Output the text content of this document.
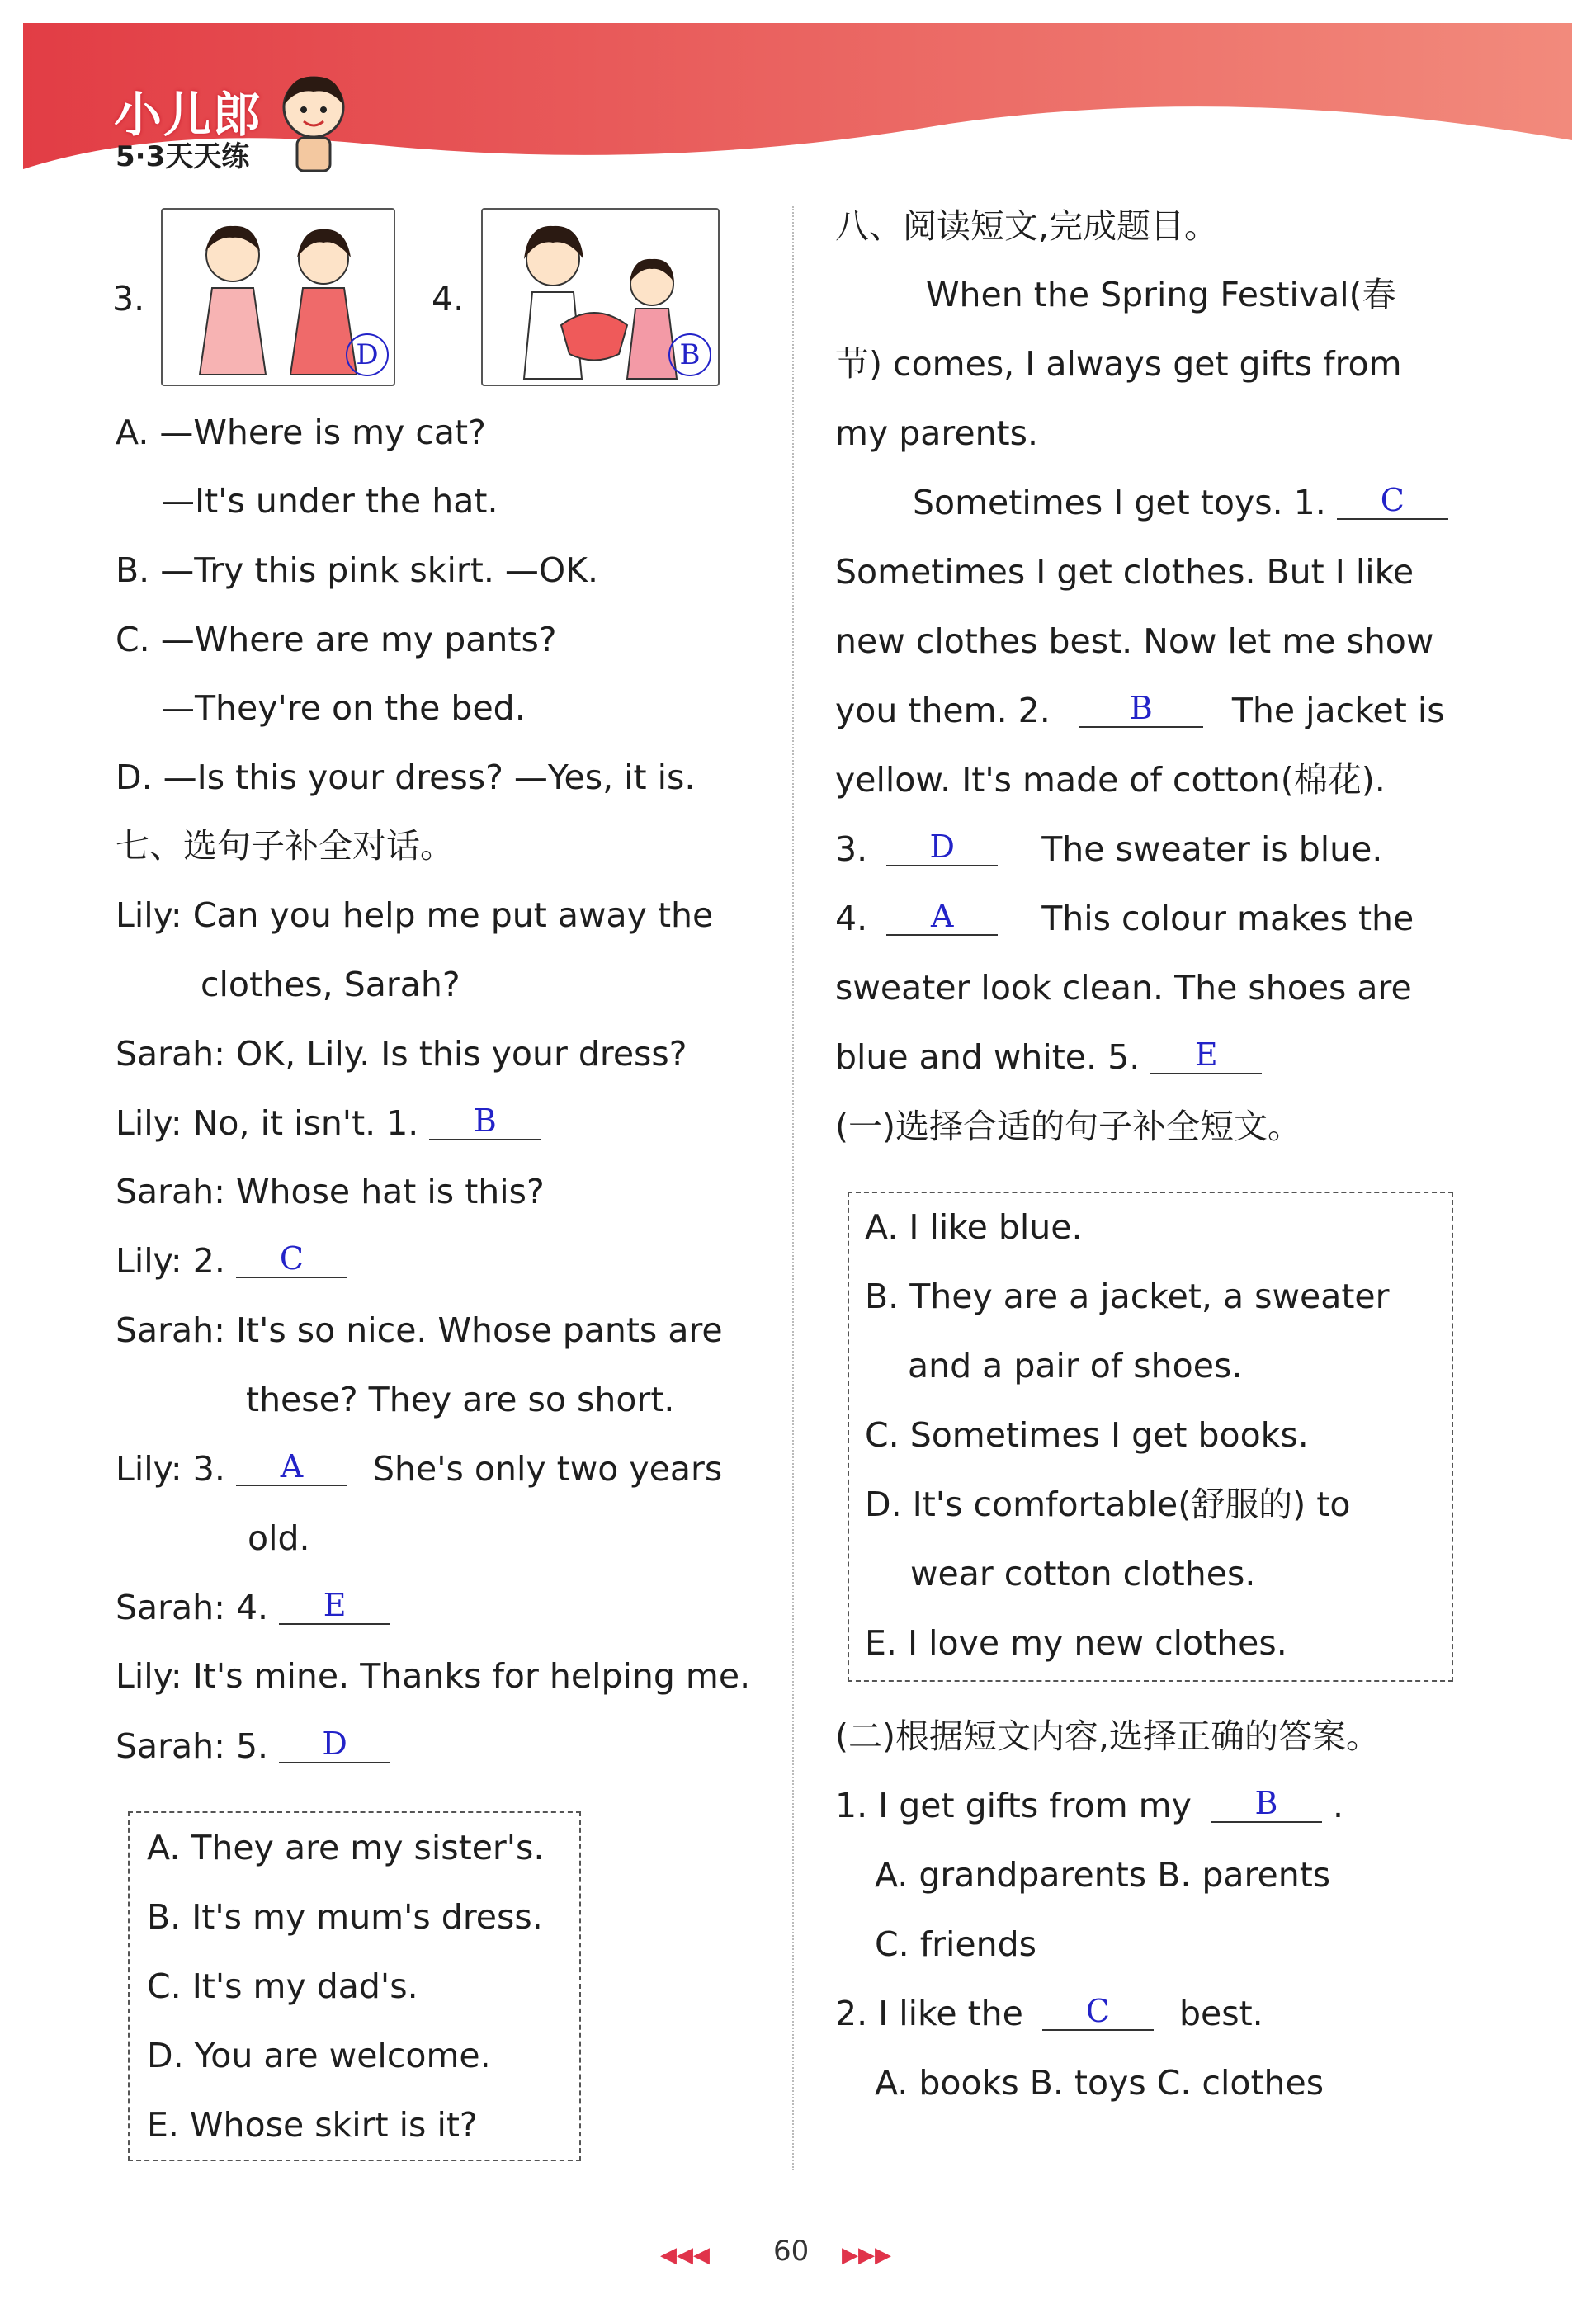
小儿郎
5·3天天练
3.
D
4.
B
A. —Where is my cat?
—It's under the hat.
B. —Try this pink skirt. —OK.
C. —Where are my pants?
—They're on the bed.
D. —Is this your dress? —Yes, it is.
七、选句子补全对话。
Lily: Can you help me put away the
clothes, Sarah?
Sarah: OK, Lily. Is this your dress?
Lily: No, it isn't. 1. B
Sarah: Whose hat is this?
Lily: 2. C
Sarah: It's so nice. Whose pants are
these? They are so short.
Lily: 3. A She's only two years
old.
Sarah: 4. E
Lily: It's mine. Thanks for helping me.
Sarah: 5. D
A. They are my sister's.
B. It's my mum's dress.
C. It's my dad's.
D. You are welcome.
E. Whose skirt is it?
八、阅读短文,完成题目。
When the Spring Festival(春
节) comes, I always get gifts from
my parents.
Sometimes I get toys. 1. C
Sometimes I get clothes. But I like
new clothes best. Now let me show
you them. 2.	B The jacket is
yellow. It's made of cotton(棉花).
3. D	The sweater is blue.
4. A	This colour makes the
sweater look clean. The shoes are
blue and white. 5. E
(一)选择合适的句子补全短文。
A. I like blue.
B. They are a jacket, a sweater
and a pair of shoes.
C. Sometimes I get books.
D. It's comfortable(舒服的) to
wear cotton clothes.
E. I love my new clothes.
(二)根据短文内容,选择正确的答案。
1. I get gifts from my B .
A. grandparents B. parents
C. friends
2. I like the C best.
A. books B. toys C. clothes
◀◀◀ 60 ▶▶▶
